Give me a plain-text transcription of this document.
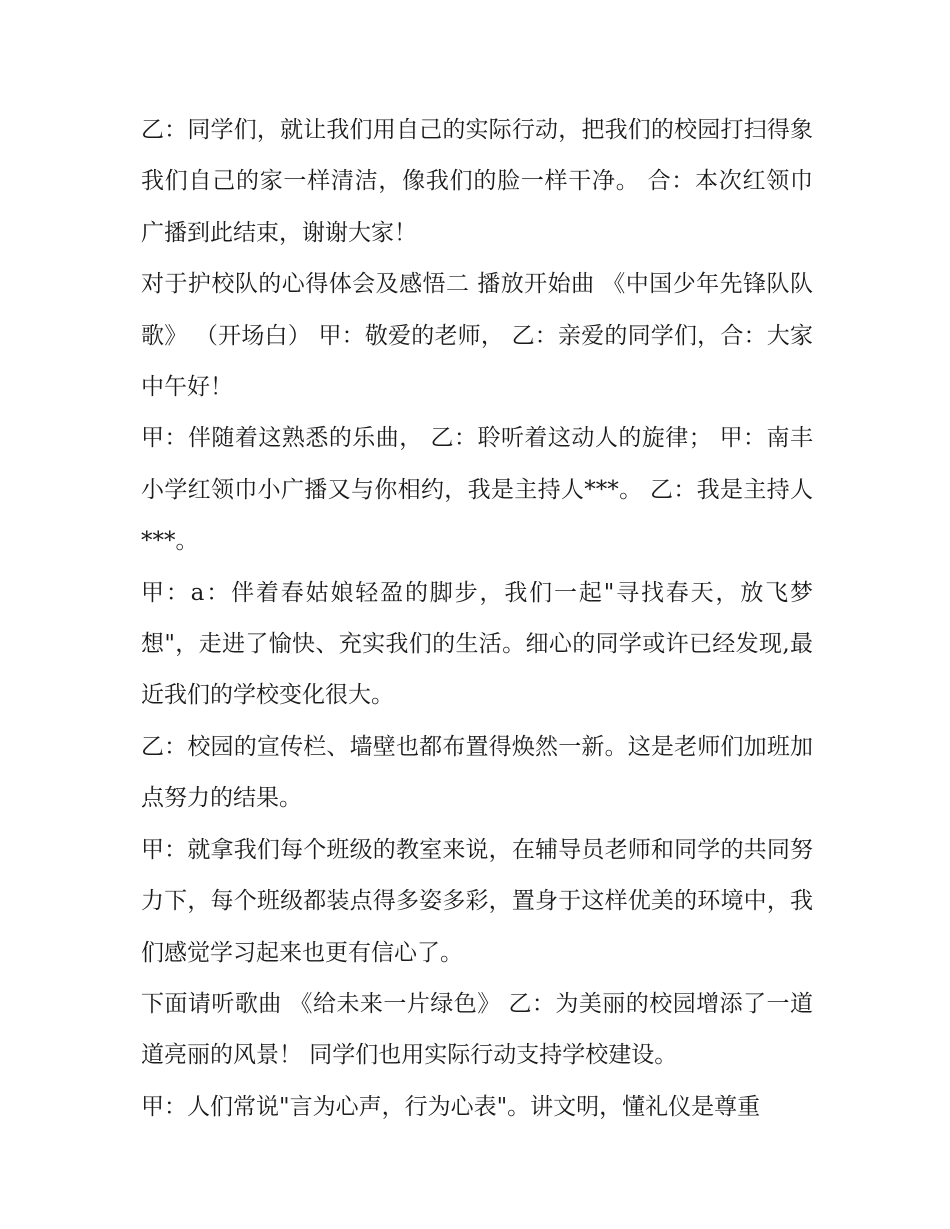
乙：同学们，就让我们用自己的实际行动，把我们的校园打扫得象我们自己的家一样清洁，像我们的脸一样干净。 合：本次红领巾广播到此结束，谢谢大家！

对于护校队的心得体会及感悟二 播放开始曲 《中国少年先锋队队歌》 （开场白） 甲：敬爱的老师， 乙：亲爱的同学们，合：大家中午好！

甲：伴随着这熟悉的乐曲， 乙：聆听着这动人的旋律； 甲：南丰小学红领巾小广播又与你相约，我是主持人***。 乙：我是主持人***。

甲：a：伴着春姑娘轻盈的脚步，我们一起"寻找春天，放飞梦想"，走进了愉快、充实我们的生活。细心的同学或许已经发现,最近我们的学校变化很大。

乙：校园的宣传栏、墙壁也都布置得焕然一新。这是老师们加班加点努力的结果。

甲：就拿我们每个班级的教室来说，在辅导员老师和同学的共同努力下，每个班级都装点得多姿多彩，置身于这样优美的环境中，我们感觉学习起来也更有信心了。

下面请听歌曲 《给未来一片绿色》 乙：为美丽的校园增添了一道道亮丽的风景！ 同学们也用实际行动支持学校建设。

甲：人们常说"言为心声，行为心表"。讲文明，懂礼仪是尊重
